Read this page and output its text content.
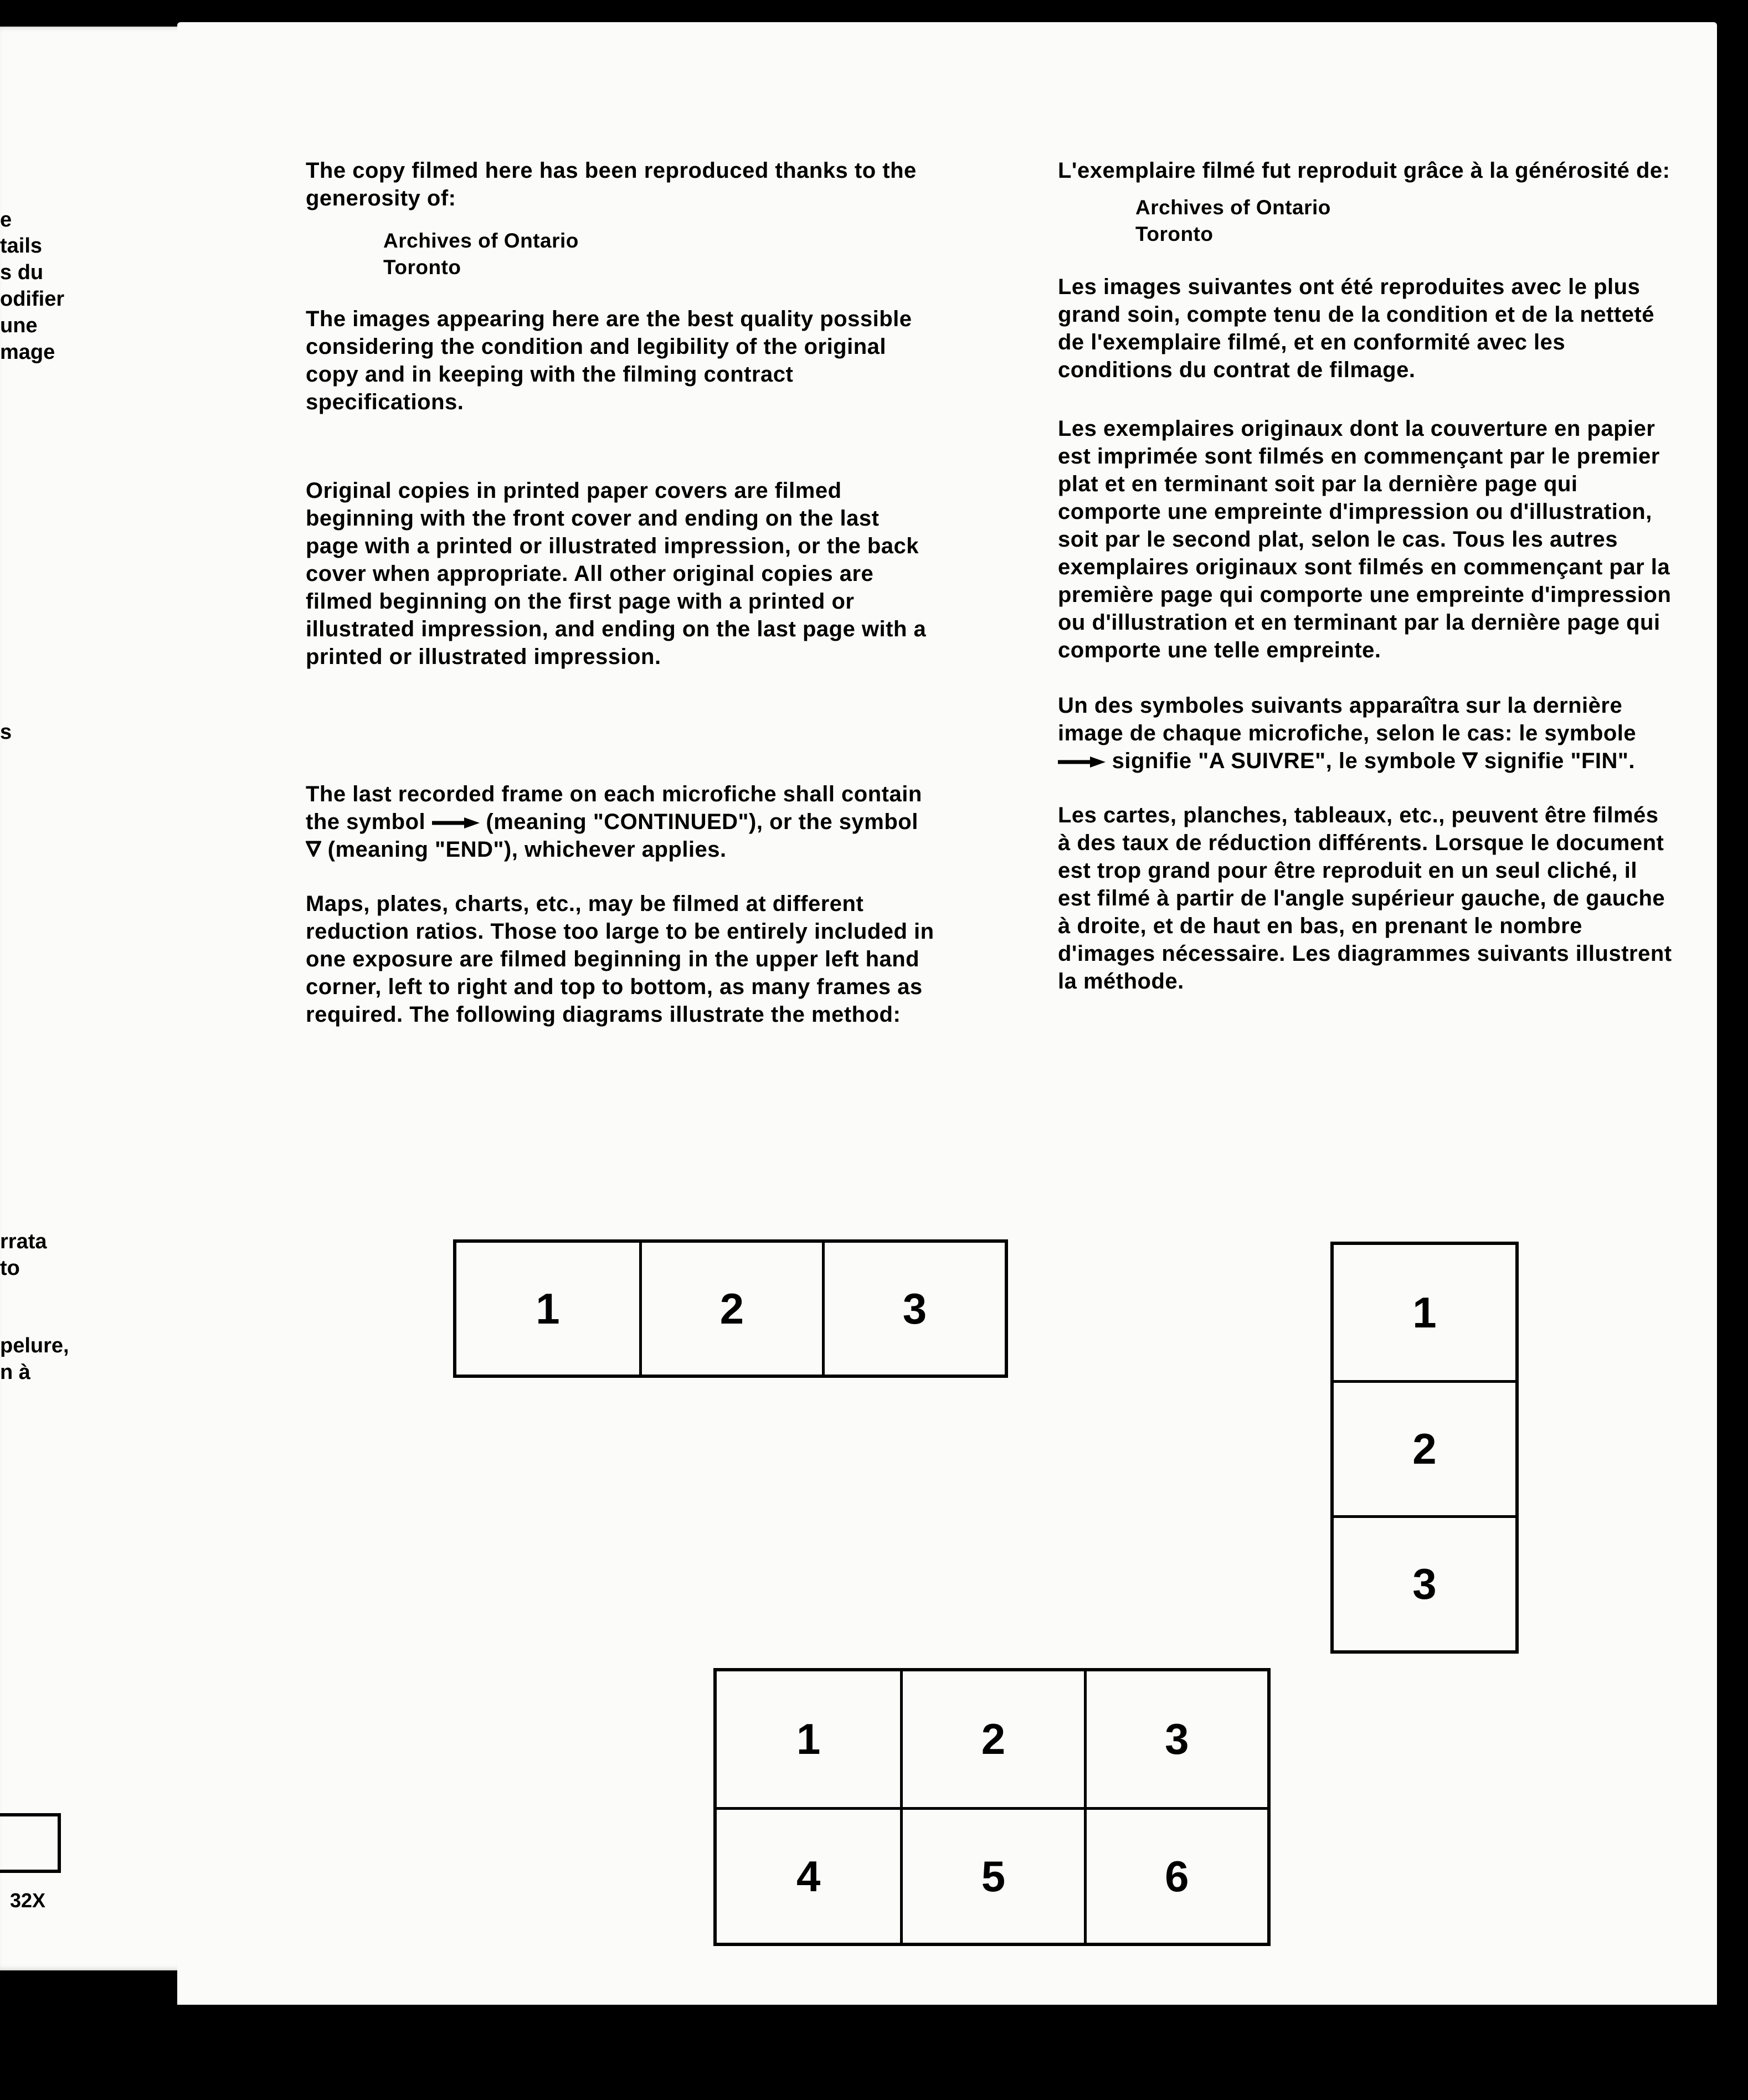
e
tails
s du
odifier
une
mage
s
rrata
to
pelure,
n à
32X

The copy filmed here has been reproduced thanks to the generosity of:

Archives of Ontario
Toronto

The images appearing here are the best quality possible considering the condition and legibility of the original copy and in keeping with the filming contract specifications.

Original copies in printed paper covers are filmed beginning with the front cover and ending on the last page with a printed or illustrated impression, or the back cover when appropriate. All other original copies are filmed beginning on the first page with a printed or illustrated impression, and ending on the last page with a printed or illustrated impression.

The last recorded frame on each microfiche shall contain the symbol	(meaning "CONTINUED"), or the symbol  (meaning "END"), whichever applies.

Maps, plates, charts, etc., may be filmed at different reduction ratios. Those too large to be entirely included in one exposure are filmed beginning in the upper left hand corner, left to right and top to bottom, as many frames as required. The following diagrams illustrate the method:

L'exemplaire filmé fut reproduit grâce à la générosité de:

Archives of Ontario
Toronto

Les images suivantes ont été reproduites avec le plus grand soin, compte tenu de la condition et de la netteté de l'exemplaire filmé, et en conformité avec les conditions du contrat de filmage.

Les exemplaires originaux dont la couverture en papier est imprimée sont filmés en commençant par le premier plat et en terminant soit par la dernière page qui comporte une empreinte d'impression ou d'illustration, soit par le second plat, selon le cas. Tous les autres exemplaires originaux sont filmés en commençant par la première page qui comporte une empreinte d'impression ou d'illustration et en terminant par la dernière page qui comporte une telle empreinte.

Un des symboles suivants apparaîtra sur la dernière image de chaque microfiche, selon le cas: le symbole  signifie "A SUIVRE", le symbole signifie "FIN".

Les cartes, planches, tableaux, etc., peuvent être filmés à des taux de réduction différents. Lorsque le document est trop grand pour être reproduit en un seul cliché, il est filmé à partir de l'angle supérieur gauche, de gauche à droite, et de haut en bas, en prenant le nombre d'images nécessaire. Les diagrammes suivants illustrent la méthode.

1	2	3	1
2
3
1	2	3
4	5	6
